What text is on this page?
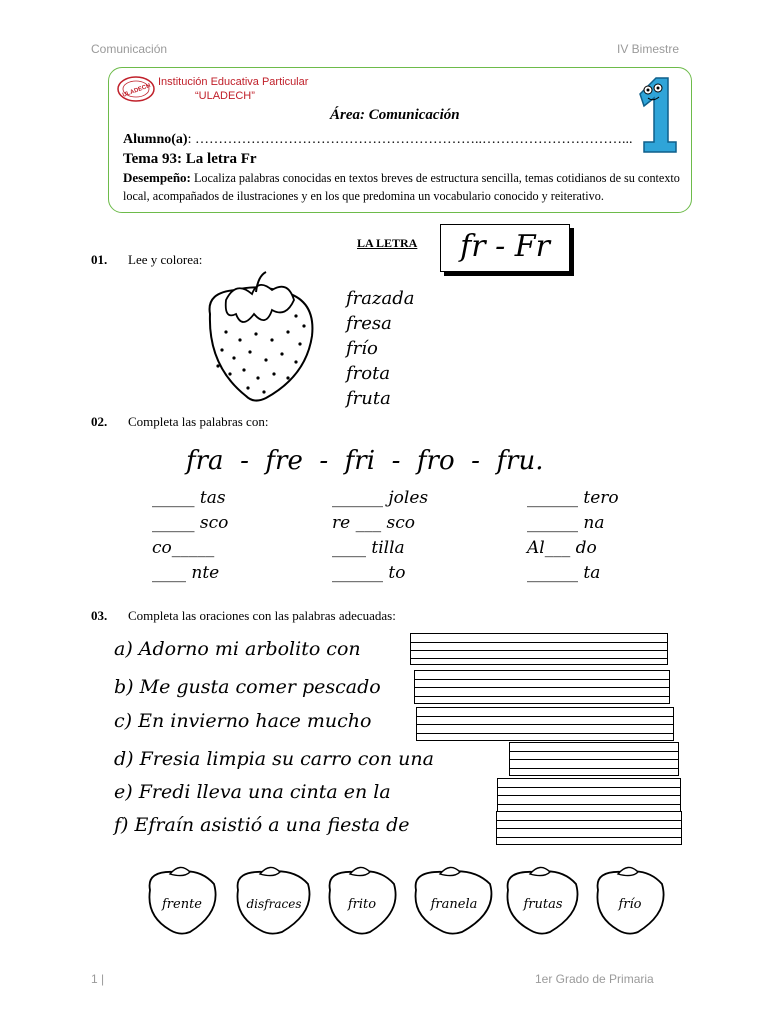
Comunicación	IV Bimestre
ULADECH
Institución Educativa Particular
“ULADECH”
Área: Comunicación
Alumno(a): ……………………………………………………..…………………………...
Tema 93: La letra Fr
Desempeño: Localiza palabras conocidas en textos breves de estructura sencilla, temas cotidianos de su contexto local, acompañados de ilustraciones y en los que predomina un vocabulario conocido y reiterativo.
LA LETRA	fr - Fr
01. Lee y colorea:
frazada
fresa
frío
frota
fruta
02. Completa las palabras con:
fra  -  fre  -  fri  -  fro  -  fru.
_____ tas	______ joles	______ tero
_____ sco	re ___ sco	______ na
co_____	____ tilla	Al___ do
____ nte	______ to	______ ta
03. Completa las oraciones con las palabras adecuadas:
a) Adorno mi arbolito con
b) Me gusta comer pescado
c) En invierno hace mucho
d) Fresia limpia su carro con una
e) Fredi lleva una cinta en la
f) Efraín asistió a una fiesta de
frente	disfraces	frito	franela	frutas	frío
1 |	1er Grado de Primaria
